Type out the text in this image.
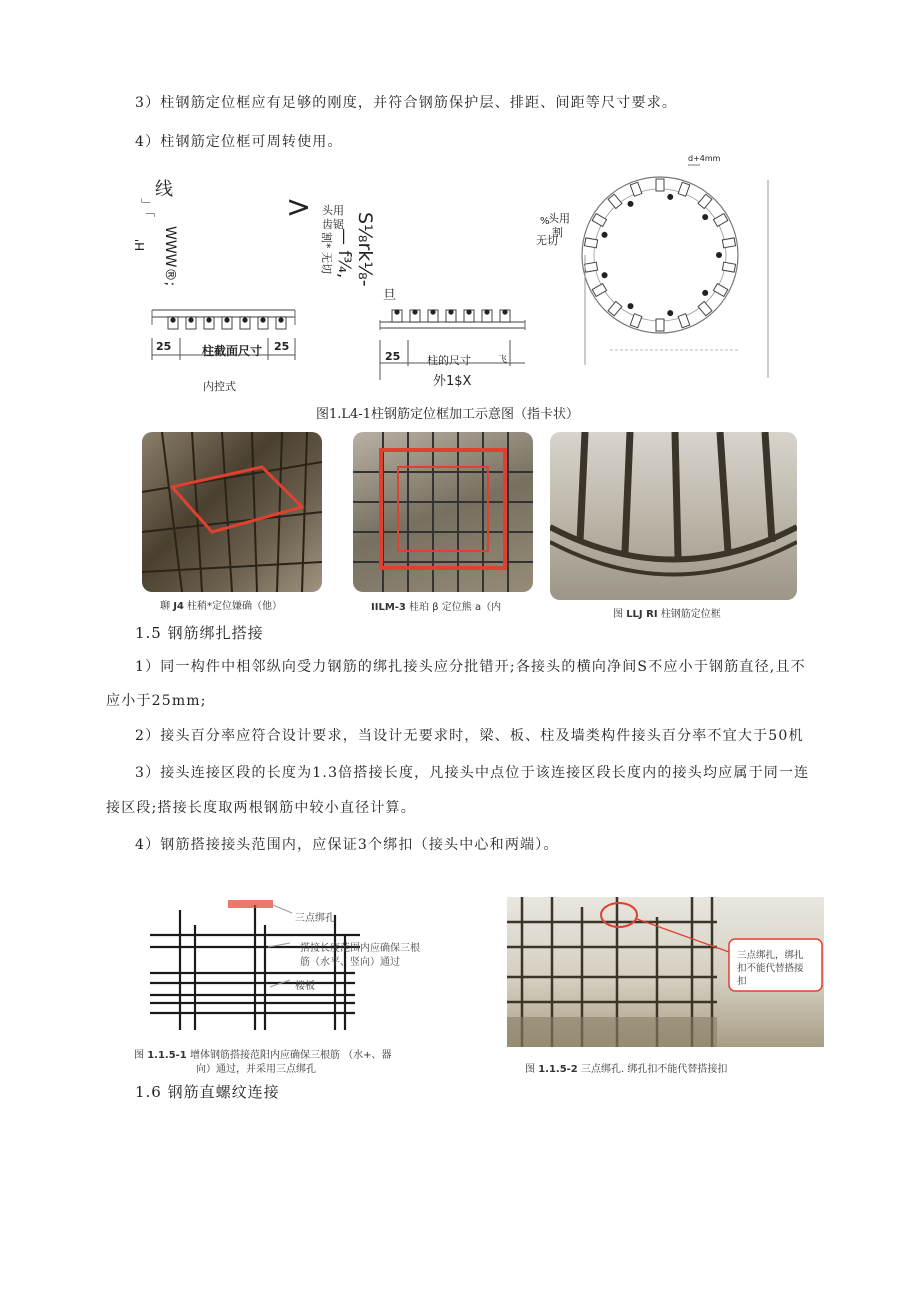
3）柱钢筋定位框应有足够的刚度，并符合钢筋保护层、排距、间距等尺寸要求。
4）柱钢筋定位框可周转使用。
线
」「
WWW®;
H'
> 头用
齿锯
割* 无切
25	柱截面尺寸 25
内控式
S⅛rk⅛-
— f¾,
旦
25 柱的尺寸	飞
外1$X
d+4mm
头用
%
割
无切
图1.L4-1柱钢筋定位框加工示意图（指卡状）
聊 J4 柱稍*定位嫌确（他）	IILM-3 桂珀 β 定位熊 a（内
图 LLJ RI 柱钢筋定位框
1.5 钢筋绑扎搭接
1）同一构件中相邻纵向受力钢筋的绑扎接头应分批错开;各接头的横向净间S不应小于钢筋直径,且不
应小于25mm;
2）接头百分率应符合设计要求，当设计无要求时，梁、板、柱及墙类构件接头百分率不宜大于50机
3）接头连接区段的长度为1.3倍搭接长度，凡接头中点位于该连接区段长度内的接头均应属于同一连
接区段;搭接长度取两根钢筋中较小直径计算。
4）钢筋搭接接头范围内，应保证3个绑扣（接头中心和两端）。
三点绑孔
搭接长度范围内应确保三根
筋（水平、竖向）通过
楼板
图 1.1.5-1 增体钢筋搭接范阳内应确保三根筋 （水+、器
向）通过，并采用三点绑孔
三点绑扎，绑扎
扣不能代替搭接
扣
图 1.1.5-2 三点绑孔. 绑孔扣不能代替搭接扣
1.6 钢筋直螺纹连接
